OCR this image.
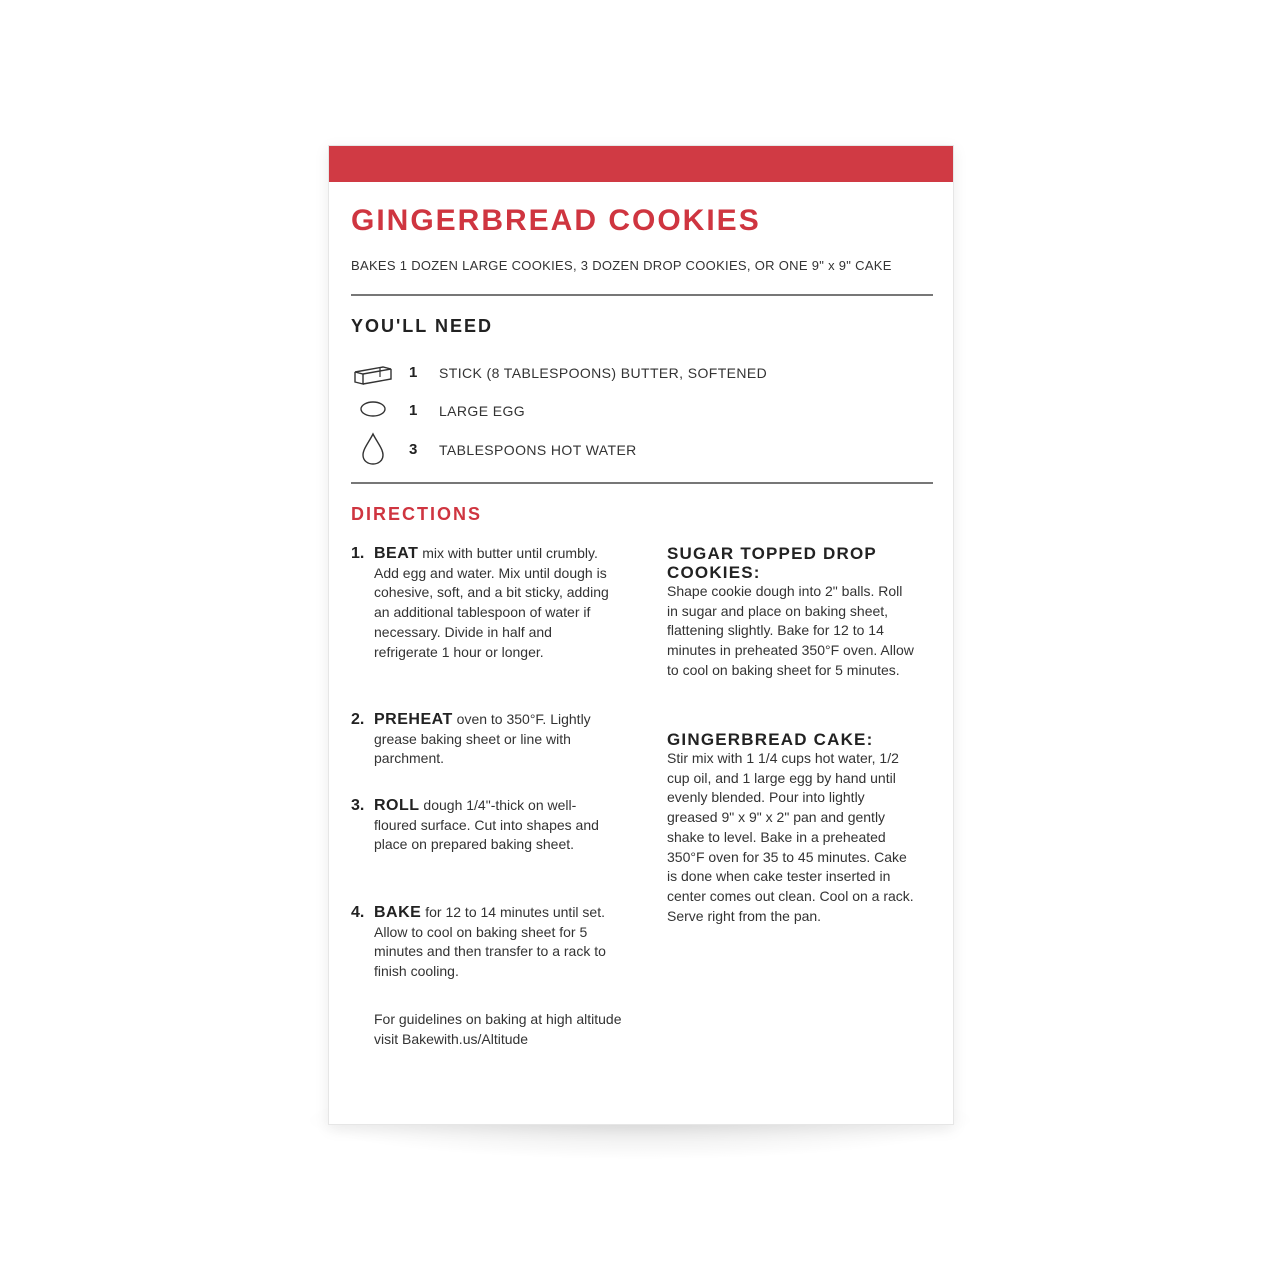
GINGERBREAD COOKIES
BAKES 1 DOZEN LARGE COOKIES, 3 DOZEN DROP COOKIES, OR ONE 9" x 9" CAKE
YOU'LL NEED
1 STICK (8 TABLESPOONS) BUTTER, SOFTENED
1 LARGE EGG
3 TABLESPOONS HOT WATER
DIRECTIONS
1. BEAT mix with butter until crumbly. Add egg and water. Mix until dough is cohesive, soft, and a bit sticky, adding an additional tablespoon of water if necessary. Divide in half and refrigerate 1 hour or longer.
2. PREHEAT oven to 350°F. Lightly grease baking sheet or line with parchment.
3. ROLL dough 1/4"-thick on well-floured surface. Cut into shapes and place on prepared baking sheet.
4. BAKE for 12 to 14 minutes until set. Allow to cool on baking sheet for 5 minutes and then transfer to a rack to finish cooling.
For guidelines on baking at high altitude visit Bakewith.us/Altitude
SUGAR TOPPED DROP COOKIES:
Shape cookie dough into 2" balls. Roll in sugar and place on baking sheet, flattening slightly. Bake for 12 to 14 minutes in preheated 350°F oven. Allow to cool on baking sheet for 5 minutes.
GINGERBREAD CAKE:
Stir mix with 1 1/4 cups hot water, 1/2 cup oil, and 1 large egg by hand until evenly blended. Pour into lightly greased 9" x 9" x 2" pan and gently shake to level. Bake in a preheated 350°F oven for 35 to 45 minutes. Cake is done when cake tester inserted in center comes out clean. Cool on a rack. Serve right from the pan.
